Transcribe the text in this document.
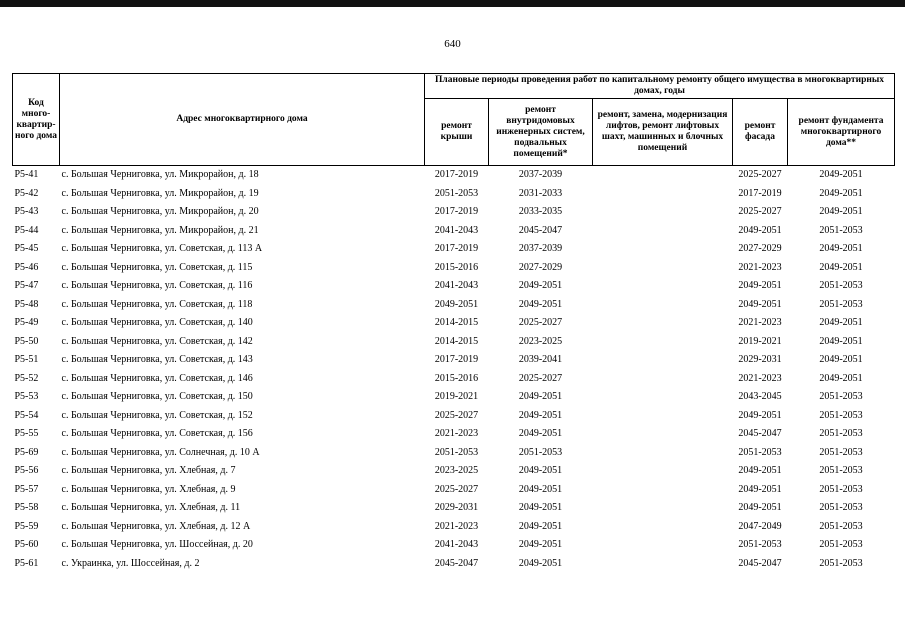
640
Код много-квартир-ного дома	Адрес многоквартирного дома	Плановые периоды проведения работ по капитальному ремонту общего имущества в многоквартирных домах, годы				
		ремонт крыши	ремонт внутридомовых инженерных систем, подвальных помещений*	ремонт, замена, модернизация лифтов, ремонт лифтовых шахт, машинных и блочных помещений	ремонт фасада	ремонт фундамента многоквартирного дома**
Р5-41	с. Большая Черниговка, ул. Микрорайон, д. 18	2017-2019	2037-2039		2025-2027	2049-2051
Р5-42	с. Большая Черниговка, ул. Микрорайон, д. 19	2051-2053	2031-2033		2017-2019	2049-2051
Р5-43	с. Большая Черниговка, ул. Микрорайон, д. 20	2017-2019	2033-2035		2025-2027	2049-2051
Р5-44	с. Большая Черниговка, ул. Микрорайон, д. 21	2041-2043	2045-2047		2049-2051	2051-2053
Р5-45	с. Большая Черниговка, ул. Советская, д. 113 А	2017-2019	2037-2039		2027-2029	2049-2051
Р5-46	с. Большая Черниговка, ул. Советская, д. 115	2015-2016	2027-2029		2021-2023	2049-2051
Р5-47	с. Большая Черниговка, ул. Советская, д. 116	2041-2043	2049-2051		2049-2051	2051-2053
Р5-48	с. Большая Черниговка, ул. Советская, д. 118	2049-2051	2049-2051		2049-2051	2051-2053
Р5-49	с. Большая Черниговка, ул. Советская, д. 140	2014-2015	2025-2027		2021-2023	2049-2051
Р5-50	с. Большая Черниговка, ул. Советская, д. 142	2014-2015	2023-2025		2019-2021	2049-2051
Р5-51	с. Большая Черниговка, ул. Советская, д. 143	2017-2019	2039-2041		2029-2031	2049-2051
Р5-52	с. Большая Черниговка, ул. Советская, д. 146	2015-2016	2025-2027		2021-2023	2049-2051
Р5-53	с. Большая Черниговка, ул. Советская, д. 150	2019-2021	2049-2051		2043-2045	2051-2053
Р5-54	с. Большая Черниговка, ул. Советская, д. 152	2025-2027	2049-2051		2049-2051	2051-2053
Р5-55	с. Большая Черниговка, ул. Советская, д. 156	2021-2023	2049-2051		2045-2047	2051-2053
Р5-69	с. Большая Черниговка, ул. Солнечная, д. 10 А	2051-2053	2051-2053		2051-2053	2051-2053
Р5-56	с. Большая Черниговка, ул. Хлебная, д. 7	2023-2025	2049-2051		2049-2051	2051-2053
Р5-57	с. Большая Черниговка, ул. Хлебная, д. 9	2025-2027	2049-2051		2049-2051	2051-2053
Р5-58	с. Большая Черниговка, ул. Хлебная, д. 11	2029-2031	2049-2051		2049-2051	2051-2053
Р5-59	с. Большая Черниговка, ул. Хлебная, д. 12 А	2021-2023	2049-2051		2047-2049	2051-2053
Р5-60	с. Большая Черниговка, ул. Шоссейная, д. 20	2041-2043	2049-2051		2051-2053	2051-2053
Р5-61	с. Украинка, ул. Шоссейная, д. 2	2045-2047	2049-2051		2045-2047	2051-2053
